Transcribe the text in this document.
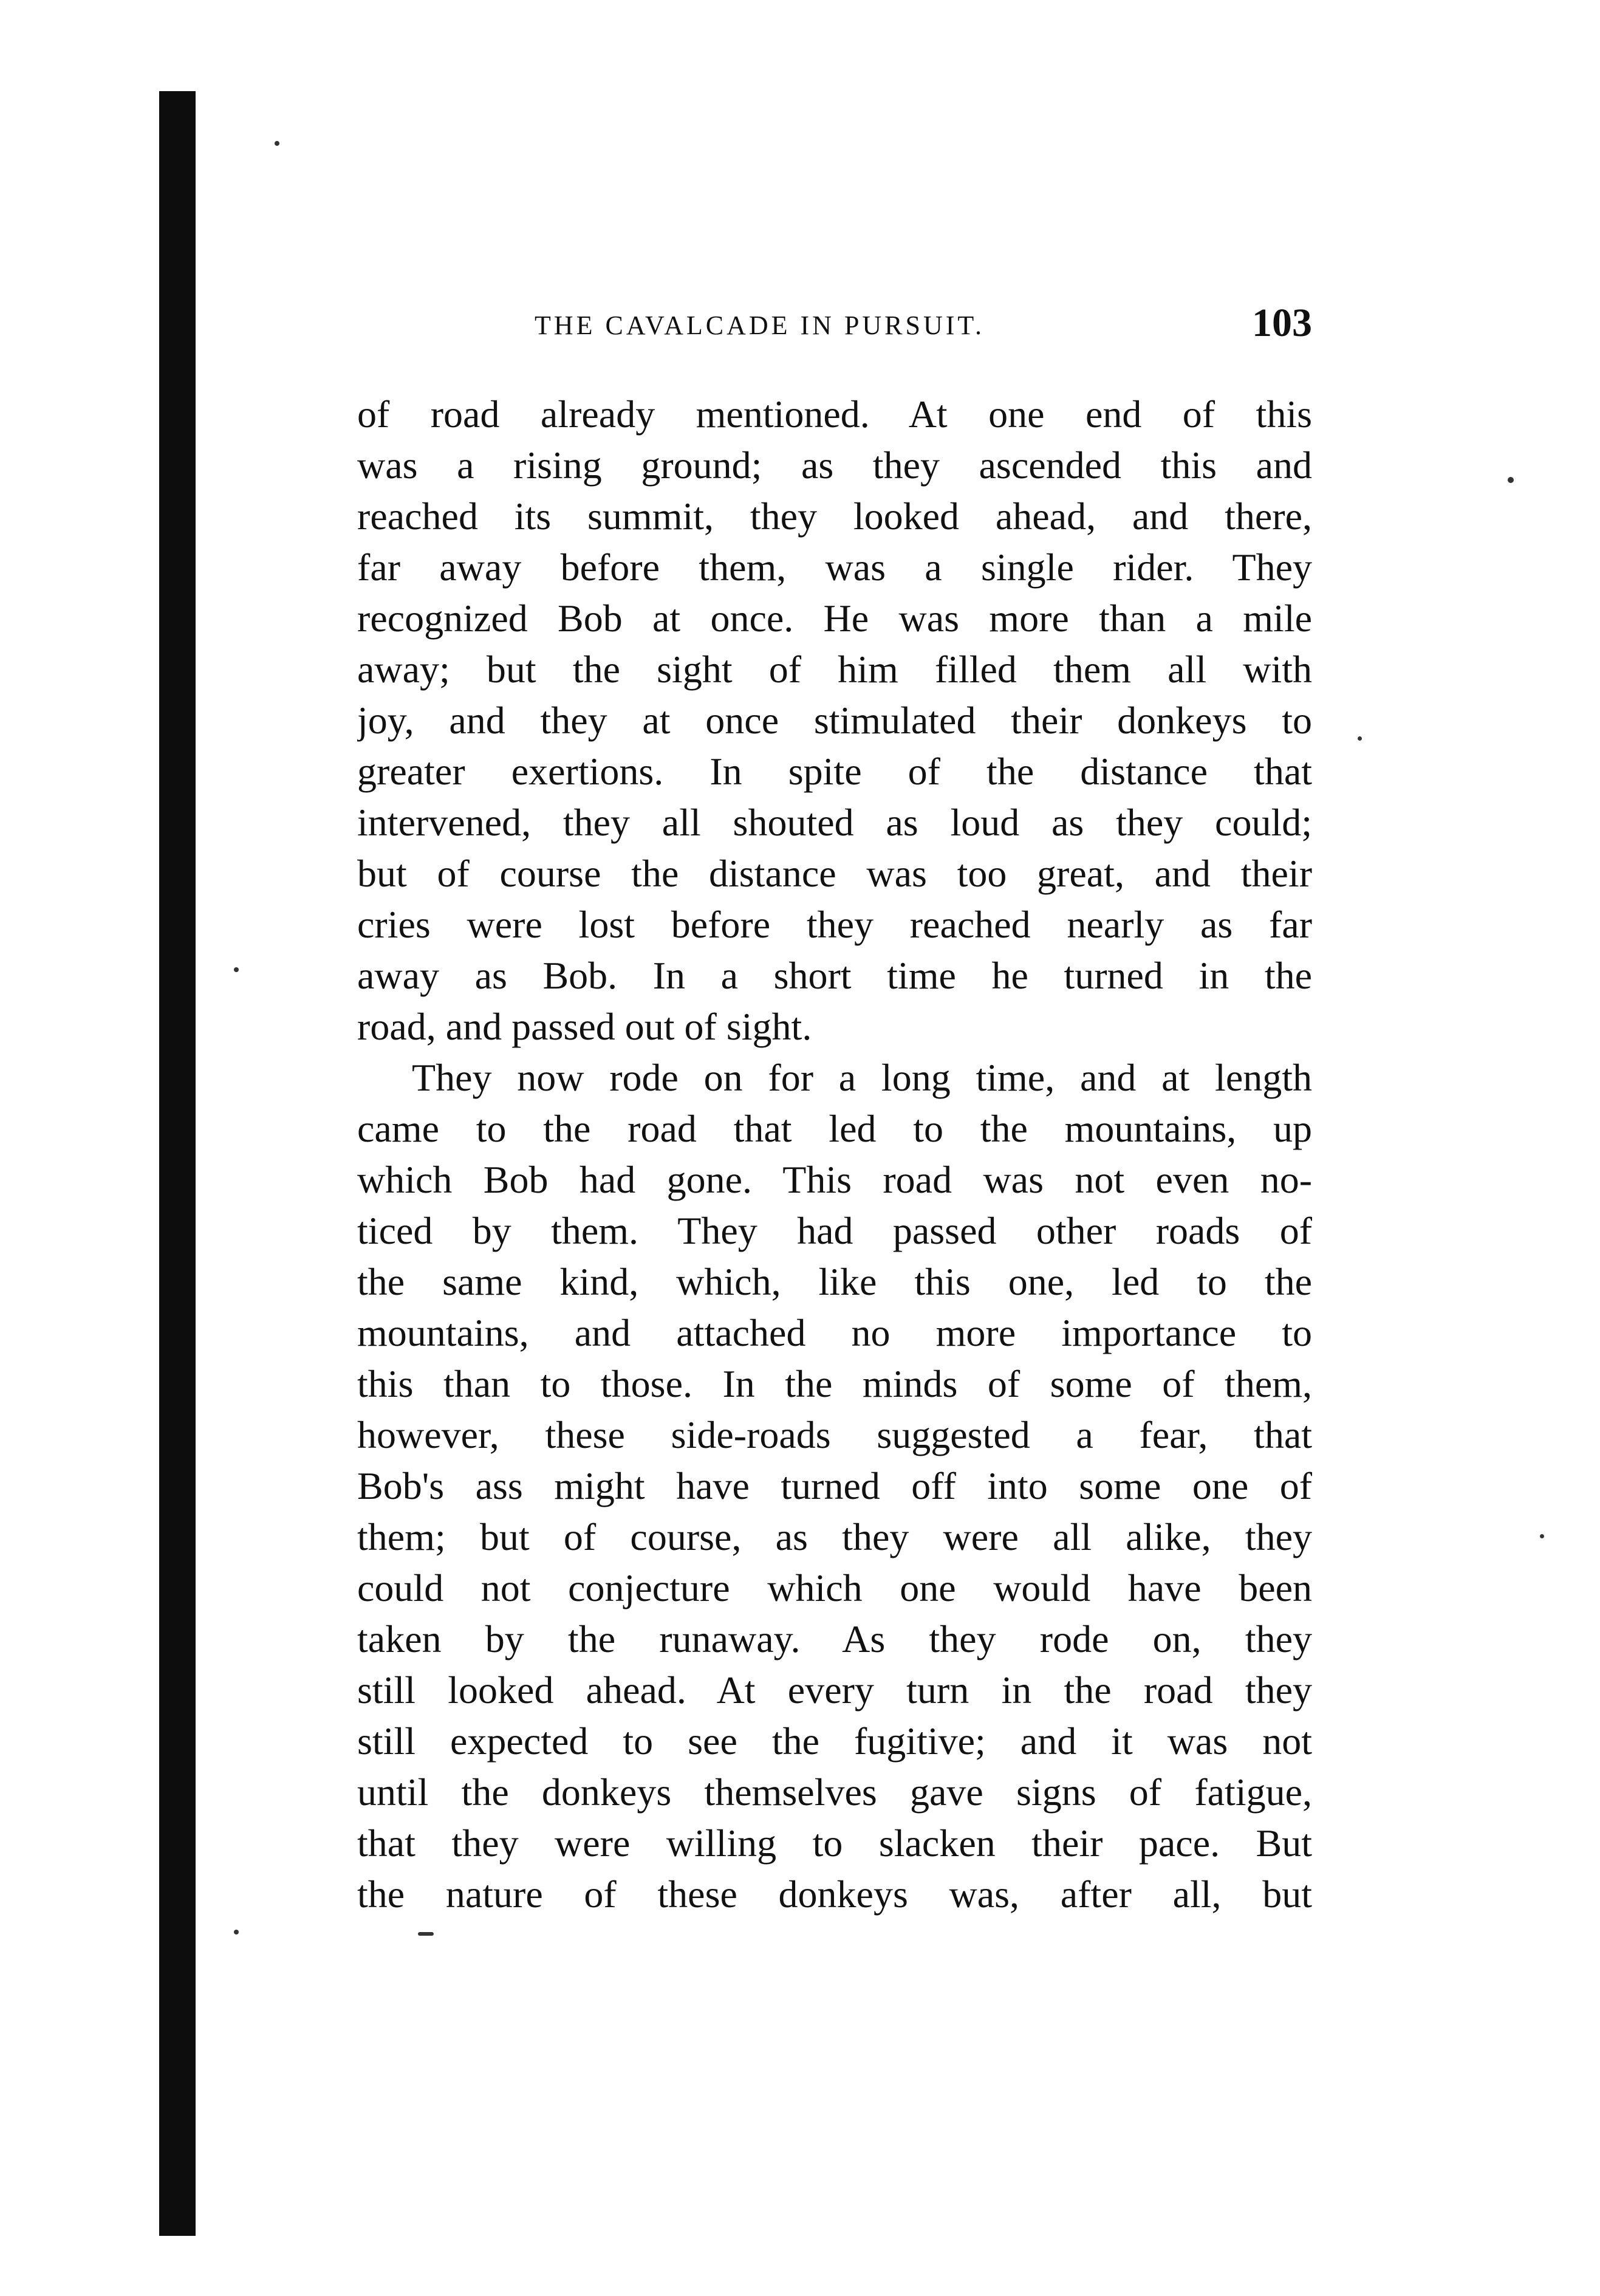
THE CAVALCADE IN PURSUIT.	103
of road already mentioned. At one end of this
was a rising ground; as they ascended this and
reached its summit, they looked ahead, and there,
far away before them, was a single rider. They
recognized Bob at once. He was more than a mile
away; but the sight of him filled them all with
joy, and they at once stimulated their donkeys to
greater exertions. In spite of the distance that
intervened, they all shouted as loud as they could;
but of course the distance was too great, and their
cries were lost before they reached nearly as far
away as Bob. In a short time he turned in the
road, and passed out of sight.
They now rode on for a long time, and at length
came to the road that led to the mountains, up
which Bob had gone. This road was not even no-
ticed by them. They had passed other roads of
the same kind, which, like this one, led to the
mountains, and attached no more importance to
this than to those. In the minds of some of them,
however, these side-roads suggested a fear, that
Bob's ass might have turned off into some one of
them; but of course, as they were all alike, they
could not conjecture which one would have been
taken by the runaway. As they rode on, they
still looked ahead. At every turn in the road they
still expected to see the fugitive; and it was not
until the donkeys themselves gave signs of fatigue,
that they were willing to slacken their pace. But
the nature of these donkeys was, after all, but
